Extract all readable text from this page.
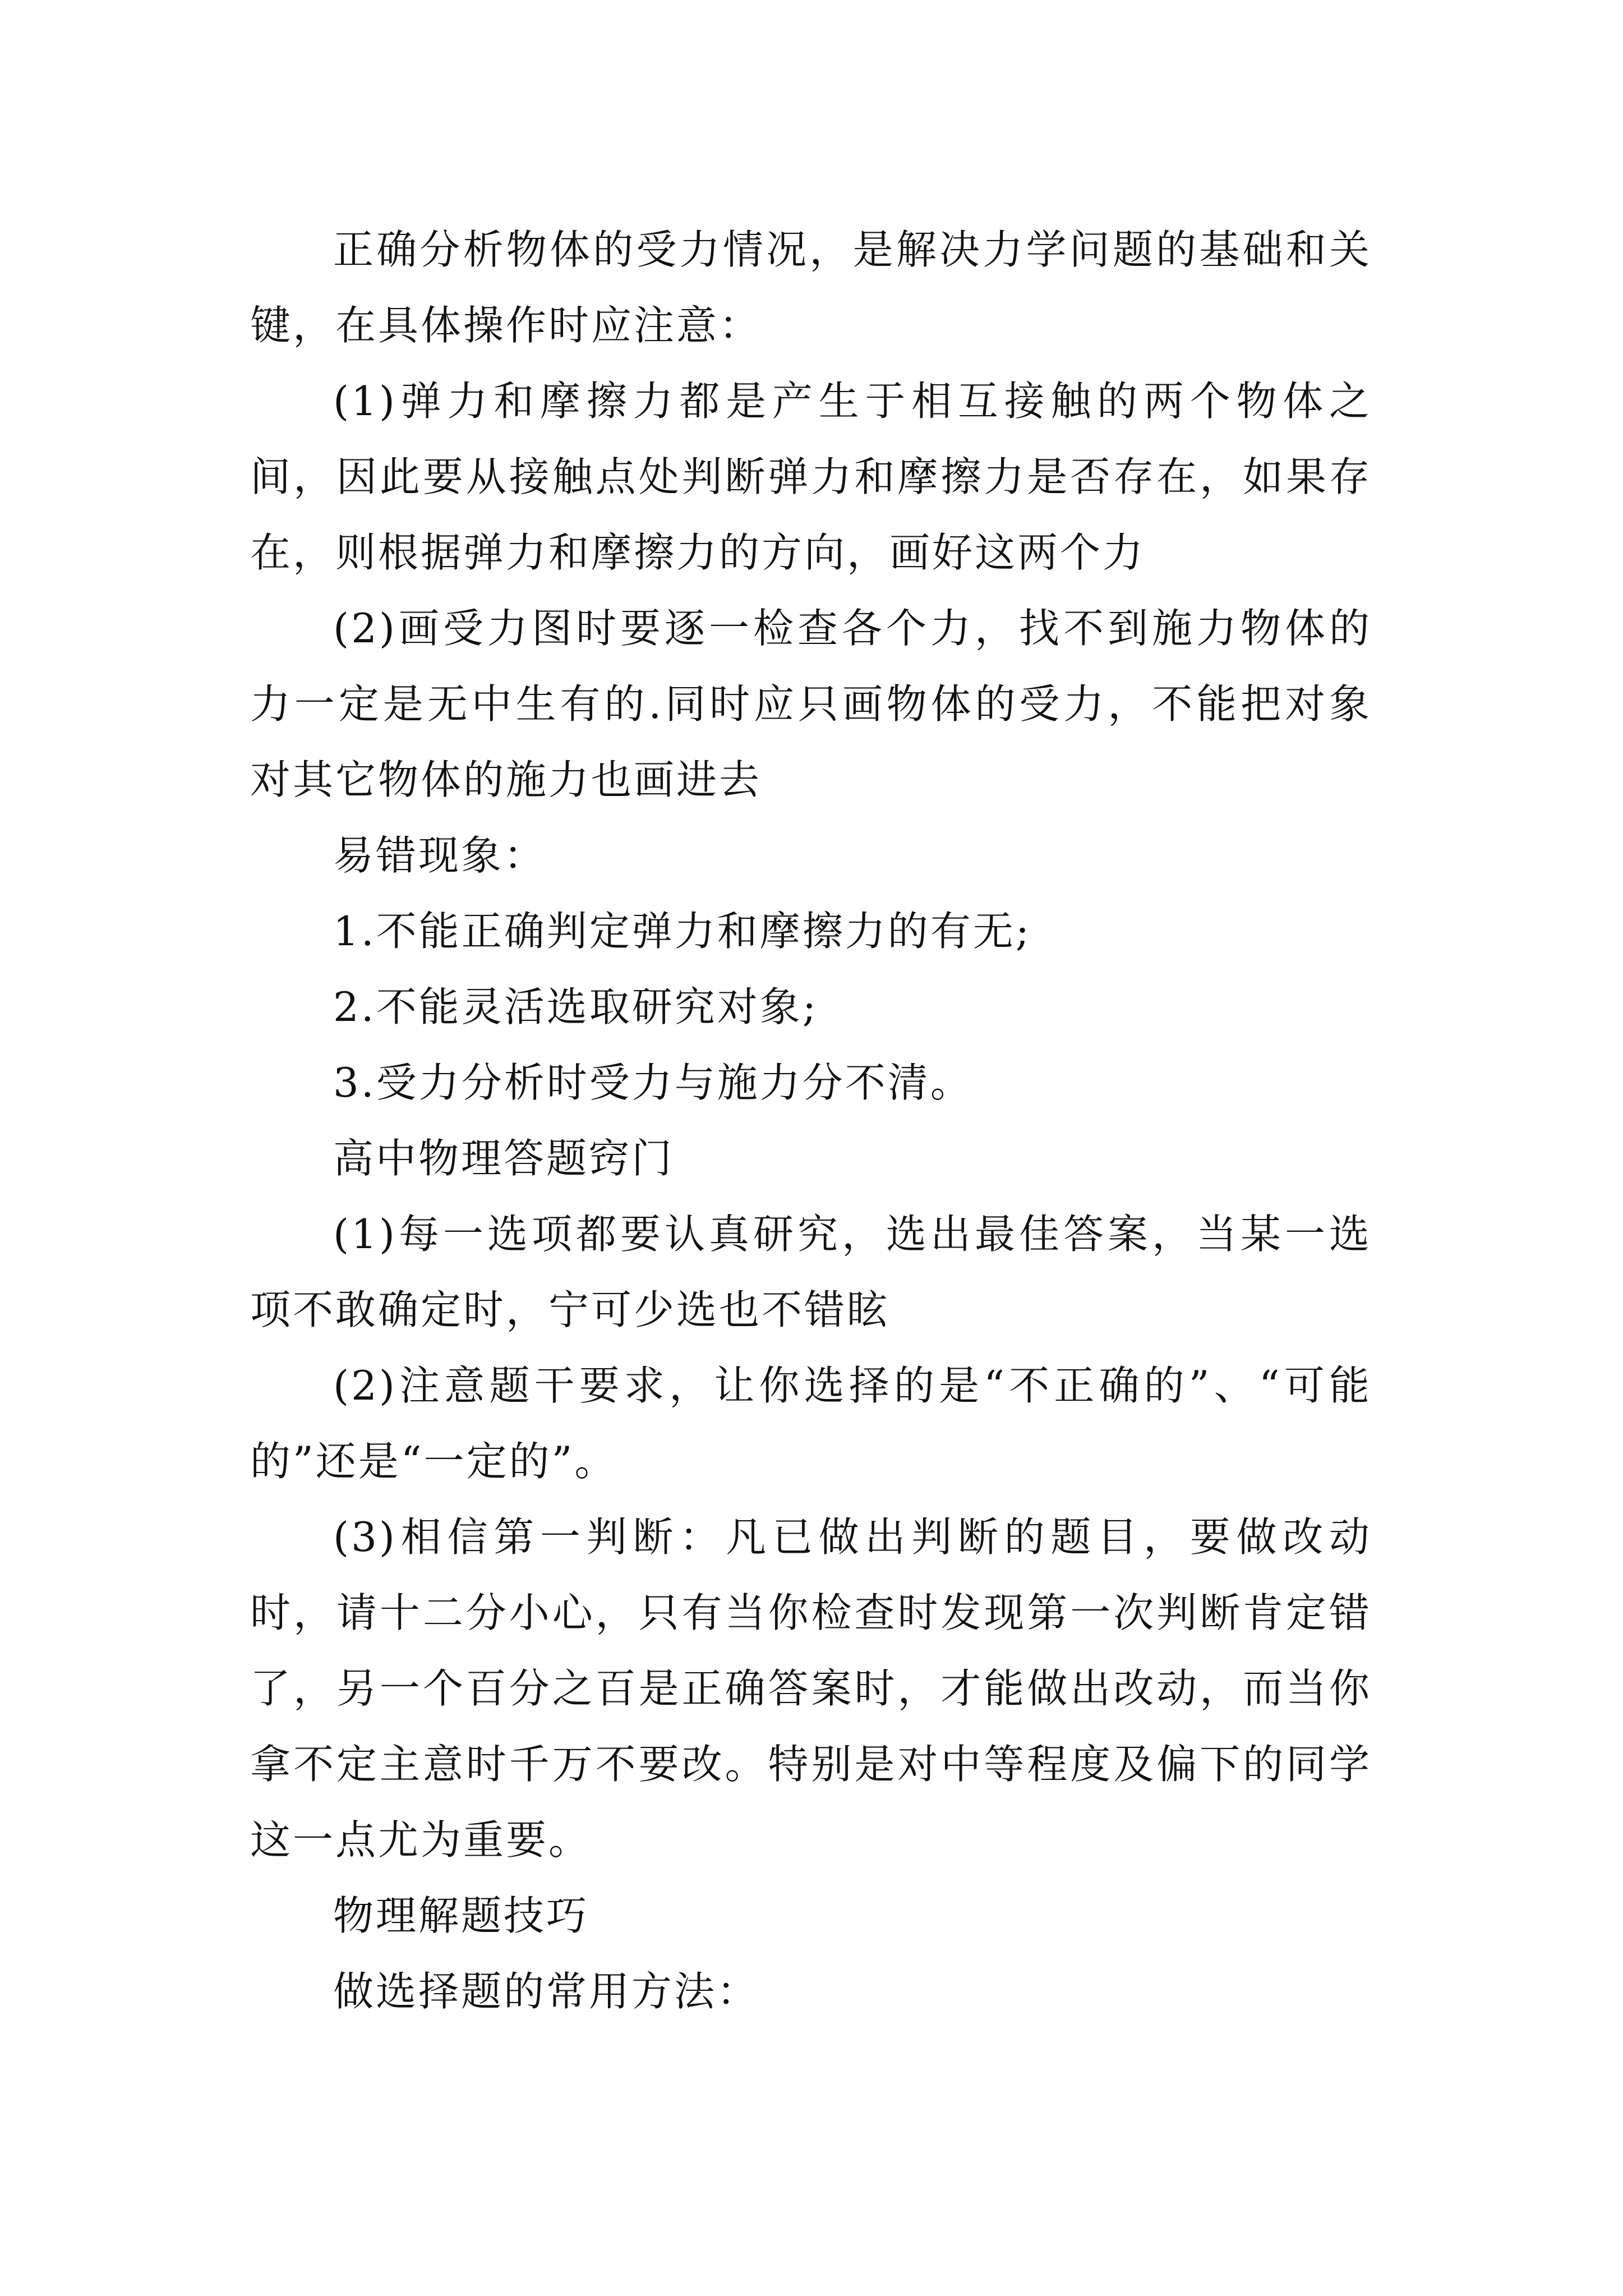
正确分析物体的受力情况，是解决力学问题的基础和关键，在具体操作时应注意：

(1)弹力和摩擦力都是产生于相互接触的两个物体之间，因此要从接触点处判断弹力和摩擦力是否存在，如果存在，则根据弹力和摩擦力的方向，画好这两个力

(2)画受力图时要逐一检查各个力，找不到施力物体的力一定是无中生有的.同时应只画物体的受力，不能把对象对其它物体的施力也画进去

易错现象：

1.不能正确判定弹力和摩擦力的有无;

2.不能灵活选取研究对象;

3.受力分析时受力与施力分不清。

高中物理答题窍门

(1)每一选项都要认真研究，选出最佳答案，当某一选项不敢确定时，宁可少选也不错眩

(2)注意题干要求，让你选择的是“不正确的”、“可能的”还是“一定的”。

(3)相信第一判断：凡已做出判断的题目，要做改动时，请十二分小心，只有当你检查时发现第一次判断肯定错了，另一个百分之百是正确答案时，才能做出改动，而当你拿不定主意时千万不要改。特别是对中等程度及偏下的同学这一点尤为重要。

物理解题技巧

做选择题的常用方法：
